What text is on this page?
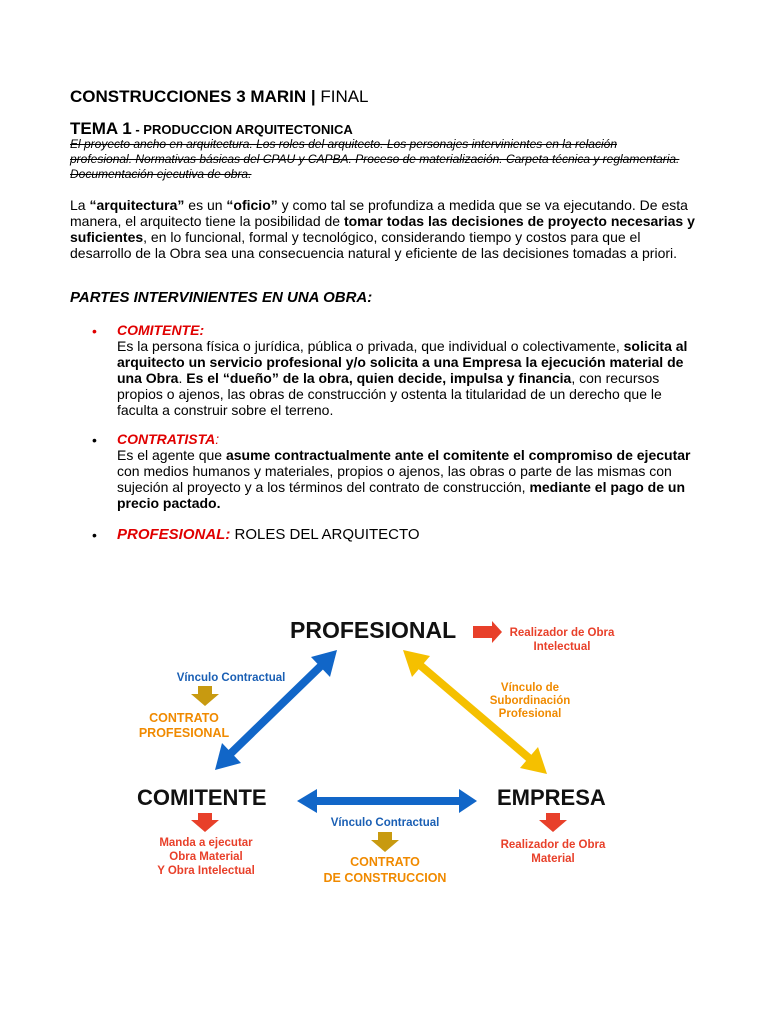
CONSTRUCCIONES 3 MARIN | FINAL
TEMA 1 - PRODUCCION ARQUITECTONICA
El proyecto ancho en arquitectura. Los roles del arquitecto. Los personajes intervinientes en la relación profesional. Normativas básicas del CPAU y CAPBA. Proceso de materialización. Carpeta técnica y reglamentaria. Documentación ejecutiva de obra.
La “arquitectura” es un “oficio” y como tal se profundiza a medida que se va ejecutando. De esta manera, el arquitecto tiene la posibilidad de tomar todas las decisiones de proyecto necesarias y suficientes, en lo funcional, formal y tecnológico, considerando tiempo y costos para que el desarrollo de la Obra sea una consecuencia natural y eficiente de las decisiones tomadas a priori.
PARTES INTERVINIENTES EN UNA OBRA:
• COMITENTE:
Es la persona física o jurídica, pública o privada, que individual o colectivamente, solicita al arquitecto un servicio profesional y/o solicita a una Empresa la ejecución material de una Obra. Es el “dueño” de la obra, quien decide, impulsa y financia, con recursos propios o ajenos, las obras de construcción y ostenta la titularidad de un derecho que le faculta a construir sobre el terreno.
• CONTRATISTA:
Es el agente que asume contractualmente ante el comitente el compromiso de ejecutar con medios humanos y materiales, propios o ajenos, las obras o parte de las mismas con sujeción al proyecto y a los términos del contrato de construcción, mediante el pago de un precio pactado.
• PROFESIONAL: ROLES DEL ARQUITECTO
PROFESIONAL
COMITENTE	EMPRESA
Realizador de Obra
Intelectual
Vínculo Contractual
CONTRATO
PROFESIONAL
Vínculo de
Subordinación
Profesional
Vínculo Contractual
CONTRATO
DE CONSTRUCCION
Manda a ejecutar
Obra Material
Y Obra Intelectual
Realizador de Obra
Material
